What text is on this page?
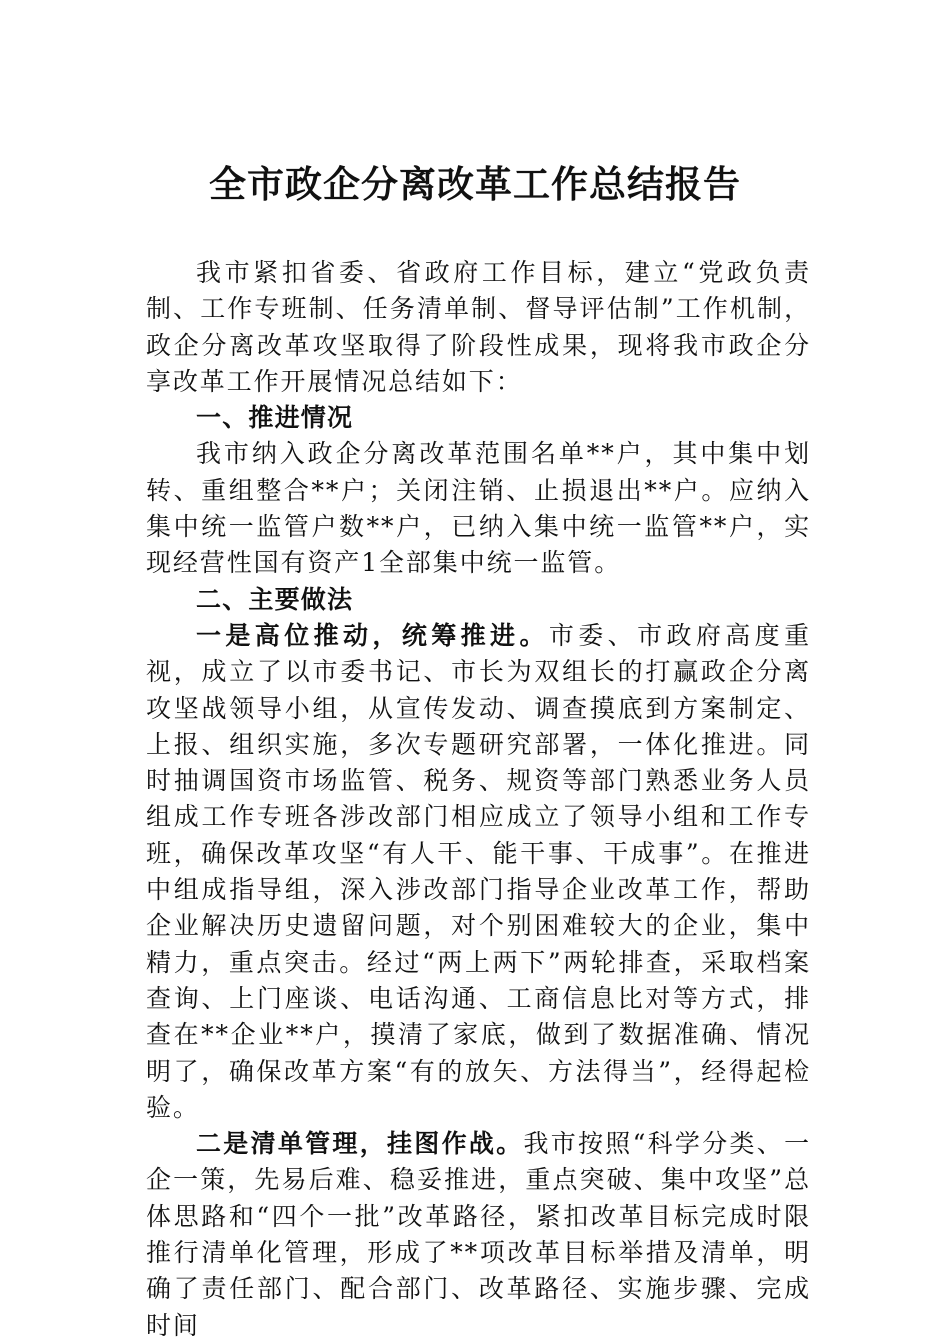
全市政企分离改革工作总结报告

我市紧扣省委、省政府工作目标，建立“党政负责制、工作专班制、任务清单制、督导评估制”工作机制，政企分离改革攻坚取得了阶段性成果，现将我市政企分享改革工作开展情况总结如下：

一、推进情况

我市纳入政企分离改革范围名单**户，其中集中划转、重组整合**户；关闭注销、止损退出**户。应纳入集中统一监管户数**户，已纳入集中统一监管**户，实现经营性国有资产1全部集中统一监管。

二、主要做法

一是高位推动，统筹推进。市委、市政府高度重视，成立了以市委书记、市长为双组长的打赢政企分离攻坚战领导小组，从宣传发动、调查摸底到方案制定、上报、组织实施，多次专题研究部署，一体化推进。同时抽调国资市场监管、税务、规资等部门熟悉业务人员组成工作专班各涉改部门相应成立了领导小组和工作专班，确保改革攻坚“有人干、能干事、干成事”。在推进中组成指导组，深入涉改部门指导企业改革工作，帮助企业解决历史遗留问题，对个别困难较大的企业，集中精力，重点突击。经过“两上两下”两轮排查，采取档案查询、上门座谈、电话沟通、工商信息比对等方式，排查在**企业**户，摸清了家底，做到了数据准确、情况明了，确保改革方案“有的放矢、方法得当”，经得起检验。

二是清单管理，挂图作战。我市按照“科学分类、一企一策，先易后难、稳妥推进，重点突破、集中攻坚”总体思路和“四个一批”改革路径，紧扣改革目标完成时限推行清单化管理，形成了**项改革目标举措及清单，明确了责任部门、配合部门、改革路径、实施步骤、完成时间
